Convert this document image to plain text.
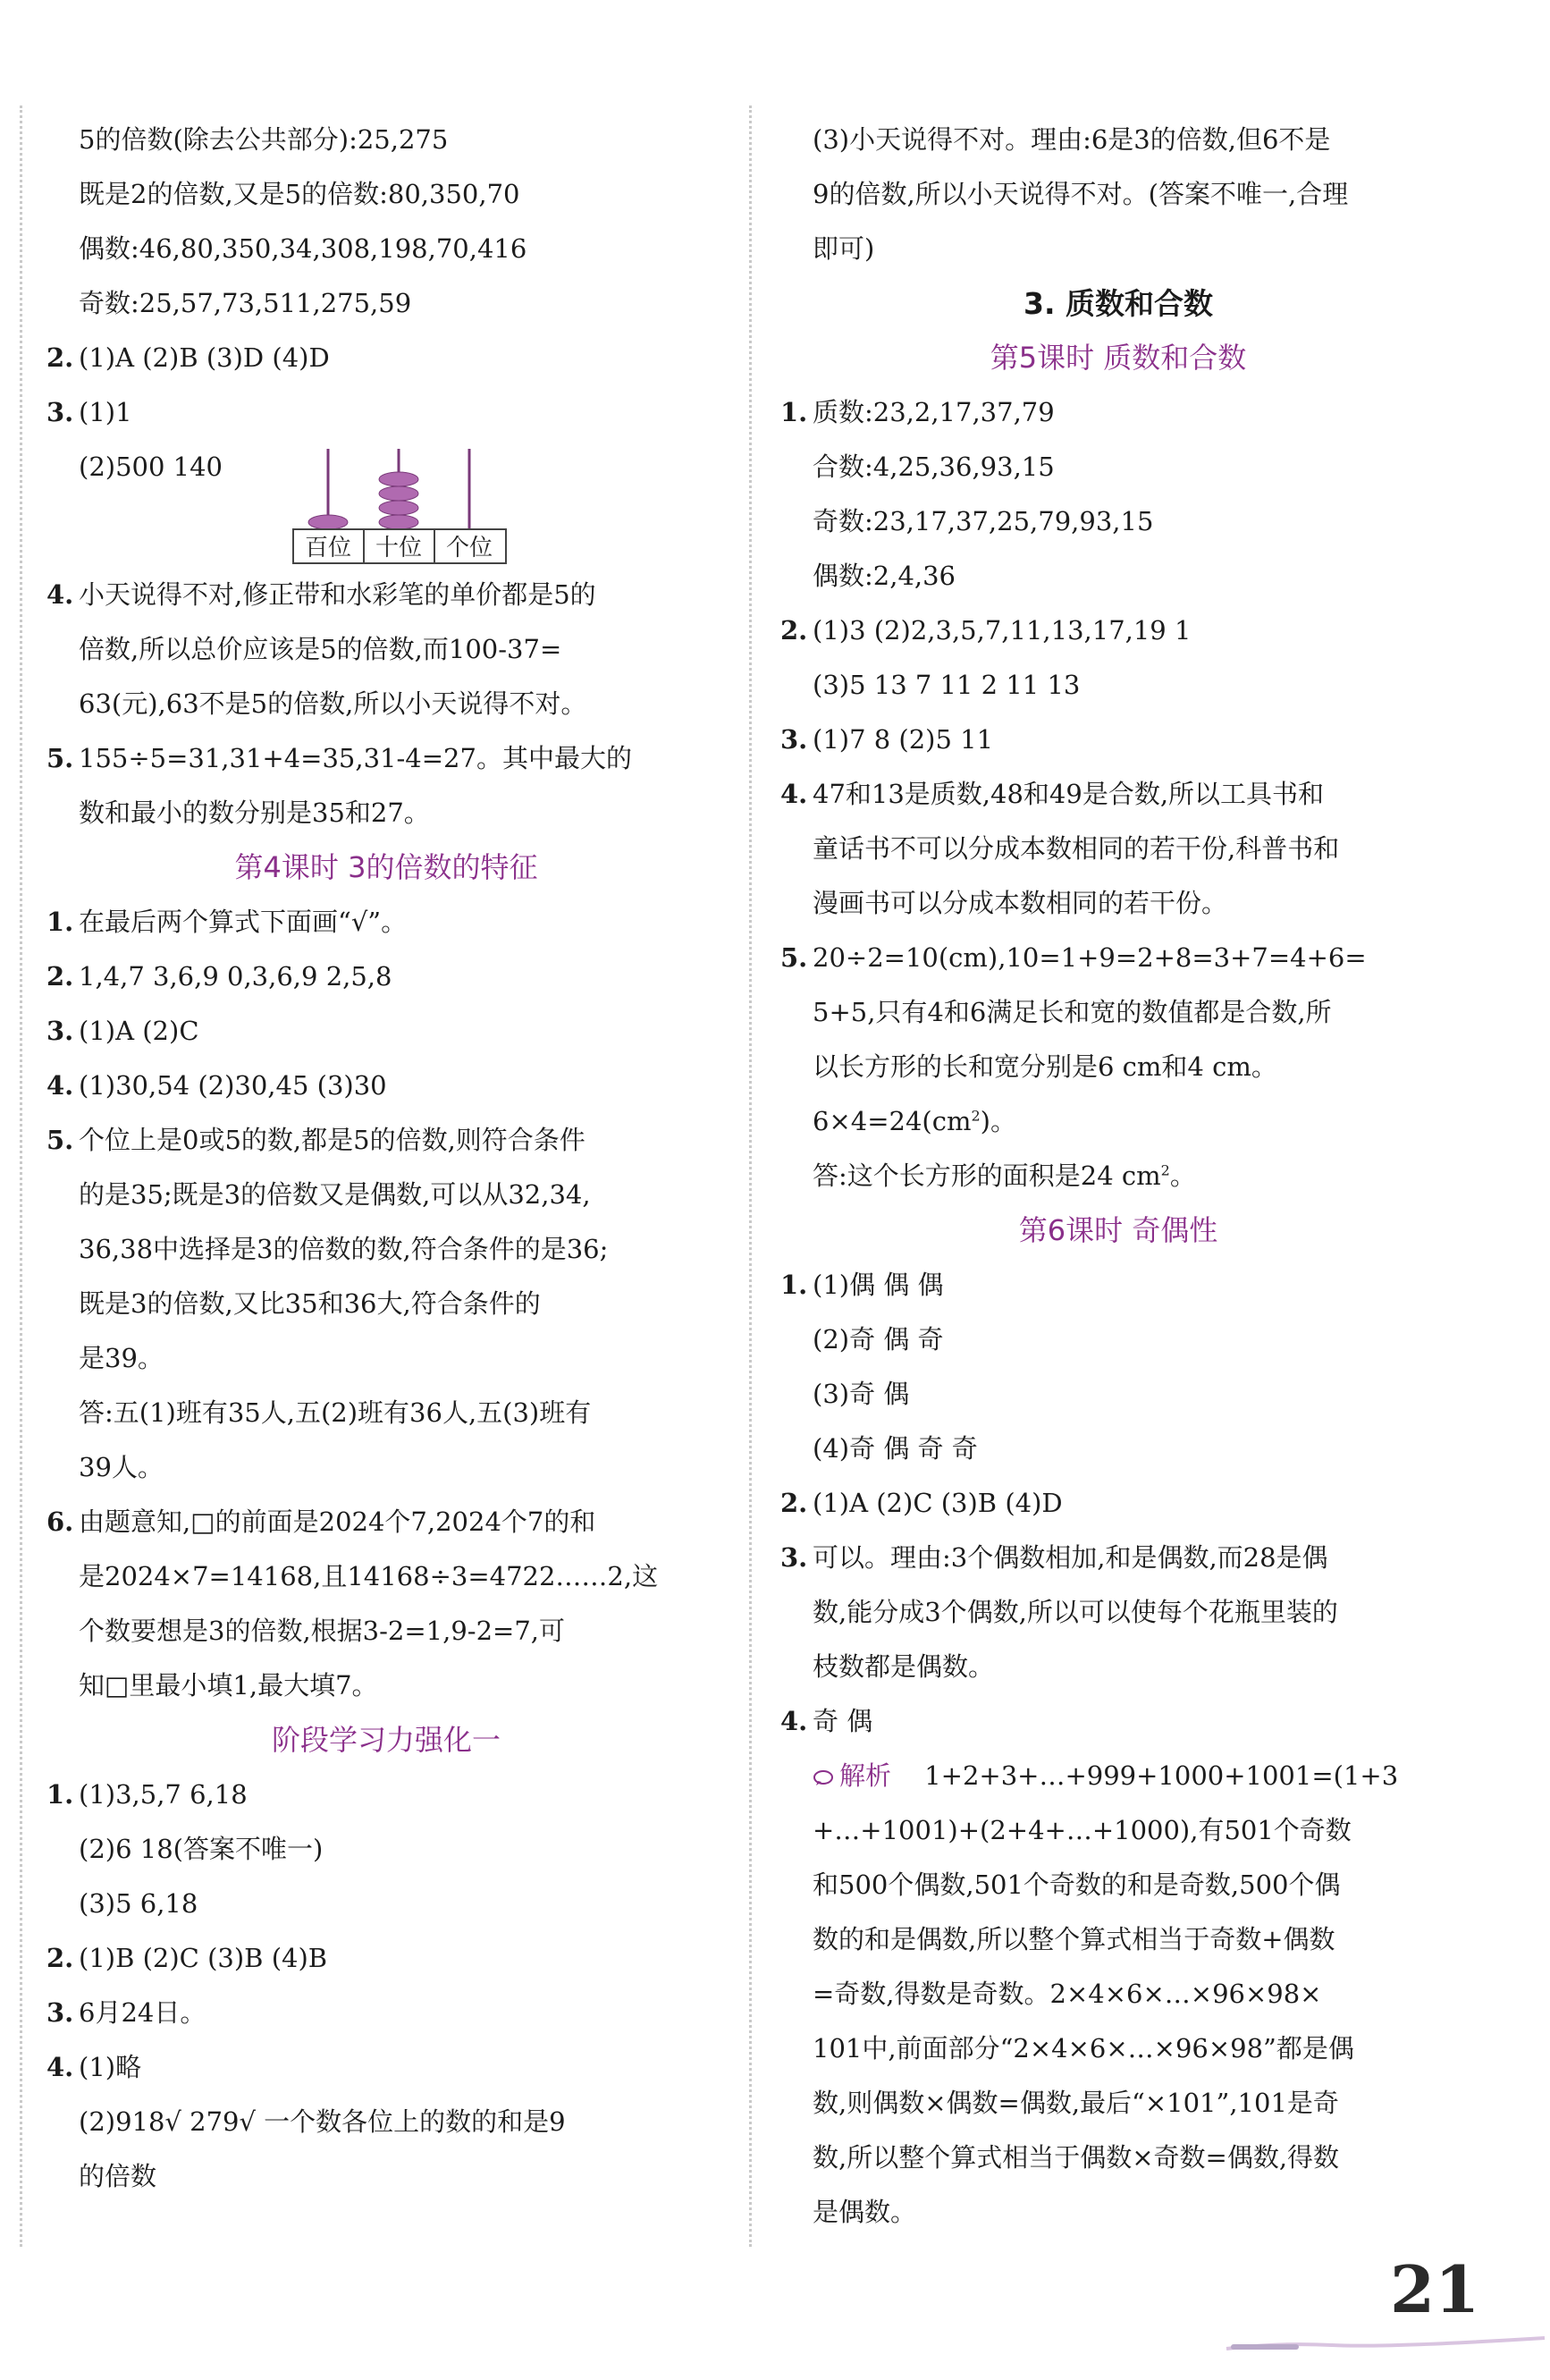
5的倍数(除去公共部分):25,275
既是2的倍数,又是5的倍数:80,350,70
偶数:46,80,350,34,308,198,70,416
奇数:25,57,73,511,275,59
2. (1)A (2)B (3)D (4)D
3. (1)1
(2)500 140
百位 十位 个位
4. 小天说得不对,修正带和水彩笔的单价都是5的
倍数,所以总价应该是5的倍数,而100-37=
63(元),63不是5的倍数,所以小天说得不对。
5. 155÷5=31,31+4=35,31-4=27。其中最大的
数和最小的数分别是35和27。
第4课时 3的倍数的特征
1. 在最后两个算式下面画“√”。
2. 1,4,7 3,6,9 0,3,6,9 2,5,8
3. (1)A (2)C
4. (1)30,54 (2)30,45 (3)30
5. 个位上是0或5的数,都是5的倍数,则符合条件
的是35;既是3的倍数又是偶数,可以从32,34,
36,38中选择是3的倍数的数,符合条件的是36;
既是3的倍数,又比35和36大,符合条件的
是39。
答:五(1)班有35人,五(2)班有36人,五(3)班有
39人。
6. 由题意知,□的前面是2024个7,2024个7的和
是2024×7=14168,且14168÷3=4722……2,这
个数要想是3的倍数,根据3-2=1,9-2=7,可
知□里最小填1,最大填7。
阶段学习力强化一
1. (1)3,5,7 6,18
(2)6 18(答案不唯一)
(3)5 6,18
2. (1)B (2)C (3)B (4)B
3. 6月24日。
4. (1)略
(2)918√ 279√ 一个数各位上的数的和是9
的倍数
(3)小天说得不对。理由:6是3的倍数,但6不是
9的倍数,所以小天说得不对。(答案不唯一,合理
即可)
3. 质数和合数
第5课时 质数和合数
1. 质数:23,2,17,37,79
合数:4,25,36,93,15
奇数:23,17,37,25,79,93,15
偶数:2,4,36
2. (1)3 (2)2,3,5,7,11,13,17,19 1
(3)5 13 7 11 2 11 13
3. (1)7 8 (2)5 11
4. 47和13是质数,48和49是合数,所以工具书和
童话书不可以分成本数相同的若干份,科普书和
漫画书可以分成本数相同的若干份。
5. 20÷2=10(cm),10=1+9=2+8=3+7=4+6=
5+5,只有4和6满足长和宽的数值都是合数,所
以长方形的长和宽分别是6 cm和4 cm。
$6\times 4=24(cm^2)$。
答:这个长方形的面积是24 $cm^2$。
第6课时 奇偶性
1. (1)偶 偶 偶
(2)奇 偶 奇
(3)奇 偶
(4)奇 偶 奇 奇
2. (1)A (2)C (3)B (4)D
3. 可以。理由:3个偶数相加,和是偶数,而28是偶
数,能分成3个偶数,所以可以使每个花瓶里装的
枝数都是偶数。
4. 奇 偶
解析 1+2+3+…+999+1000+1001=(1+3
+…+1001)+(2+4+…+1000),有501个奇数
和500个偶数,501个奇数的和是奇数,500个偶
数的和是偶数,所以整个算式相当于奇数+偶数
=奇数,得数是奇数。2×4×6×…×96×98×
101中,前面部分“2×4×6×…×96×98”都是偶
数,则偶数×偶数=偶数,最后“×101”,101是奇
数,所以整个算式相当于偶数×奇数=偶数,得数
是偶数。
21
